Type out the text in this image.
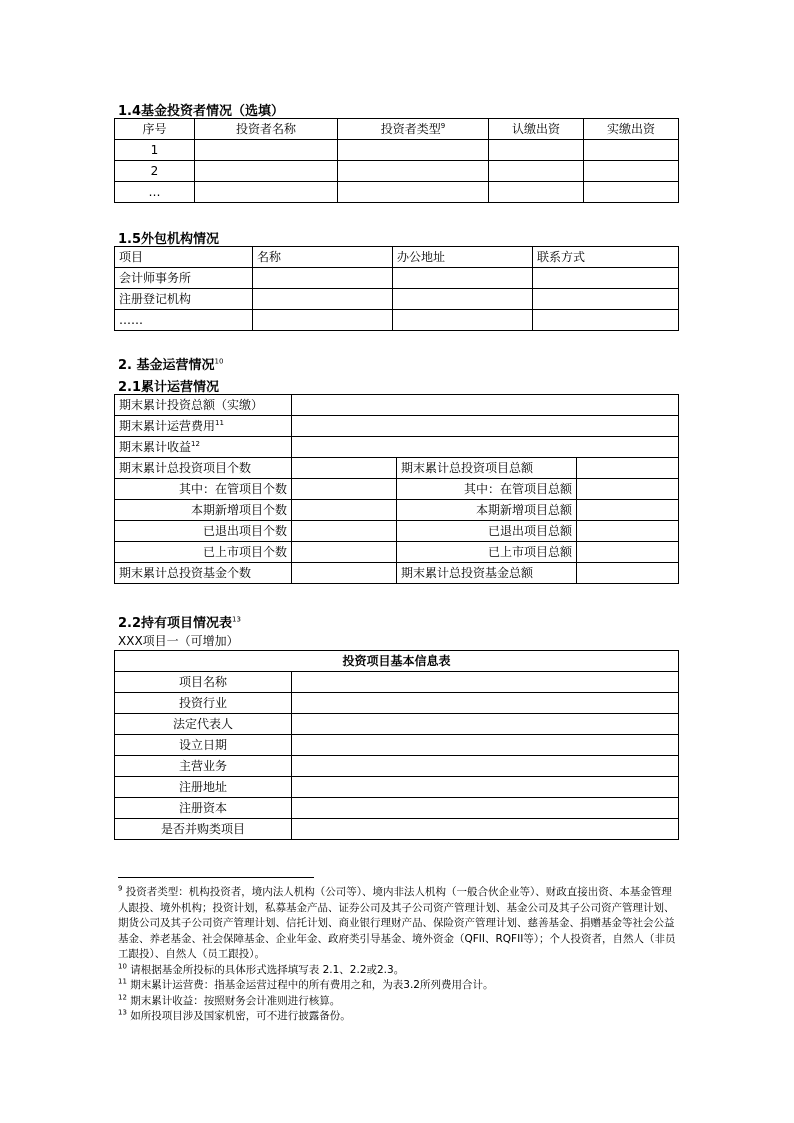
1.4基金投资者情况（选填）
序号	投资者名称	投资者类型$^9$	认缴出资	实缴出资
1				
2				
…				
1.5外包机构情况
项目	名称	办公地址	联系方式
会计师事务所			
注册登记机构			
……			
2. 基金运营情况$^{10}$
2.1累计运营情况
期末累计投资总额（实缴）			
期末累计运营费用$^{11}$	
期末累计收益$^{12}$	
期末累计总投资项目个数		期末累计总投资项目总额	
其中：在管项目个数		其中：在管项目总额	
本期新增项目个数		本期新增项目总额	
已退出项目个数		已退出项目总额	
已上市项目个数		已上市项目总额	
期末累计总投资基金个数		期末累计总投资基金总额	
2.2持有项目情况表$^{13}$
XXX项目一（可增加）
投资项目基本信息表	
项目名称	
投资行业	
法定代表人	
设立日期	
主营业务	
注册地址	
注册资本	
是否并购类项目	

$^9$ 投资者类型：机构投资者，境内法人机构（公司等）、境内非法人机构（一般合伙企业等）、财政直接出资、本基金管理人跟投、境外机构；投资计划，私募基金产品、证券公司及其子公司资产管理计划、基金公司及其子公司资产管理计划、期货公司及其子公司资产管理计划、信托计划、商业银行理财产品、保险资产管理计划、慈善基金、捐赠基金等社会公益基金、养老基金、社会保障基金、企业年金、政府类引导基金、境外资金（QFII、RQFII等）；个人投资者，自然人（非员工跟投）、自然人（员工跟投）。

$^{10}$ 请根据基金所投标的具体形式选择填写表 2.1、2.2或2.3。

$^{11}$ 期末累计运营费：指基金运营过程中的所有费用之和，为表3.2所列费用合计。

$^{12}$ 期末累计收益：按照财务会计准则进行核算。

$^{13}$ 如所投项目涉及国家机密，可不进行披露备份。
